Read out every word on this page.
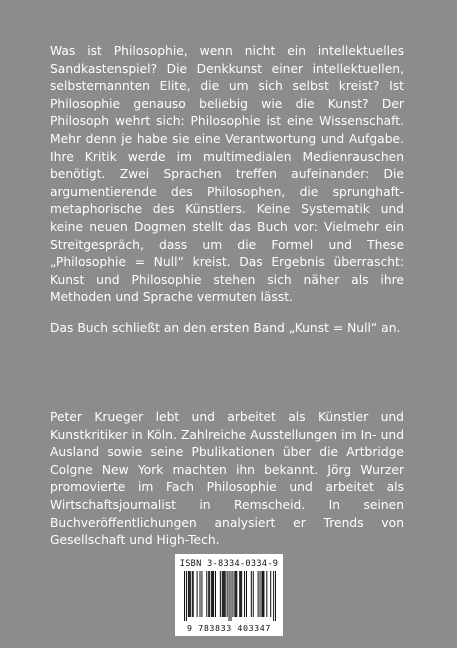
Was ist Philosophie, wenn nicht ein intellektuelles Sandkastenspiel? Die Denkkunst einer intellektuellen, selbsternannten Elite, die um sich selbst kreist? Ist Philosophie genauso beliebig wie die Kunst? Der Philosoph wehrt sich: Philosophie ist eine Wissenschaft. Mehr denn je habe sie eine Verantwortung und Aufgabe. Ihre Kritik werde im multimedialen Medienrauschen benötigt. Zwei Sprachen treffen aufeinander: Die argumentierende des Philosophen, die sprunghaft-metaphorische des Künstlers. Keine Systematik und keine neuen Dogmen stellt das Buch vor: Vielmehr ein Streitgespräch, dass um die Formel und These „Philosophie = Null“ kreist. Das Ergebnis überrascht: Kunst und Philosophie stehen sich näher als ihre Methoden und Sprache vermuten lässt.

Das Buch schließt an den ersten Band „Kunst = Null“ an.

Peter Krueger lebt und arbeitet als Künstler und Kunstkritiker in Köln. Zahlreiche Ausstellungen im In- und Ausland sowie seine Pbulikationen über die Artbridge Colgne New York machten ihn bekannt. Jörg Wurzer promovierte im Fach Philosophie und arbeitet als Wirtschaftsjournalist in Remscheid. In seinen Buchveröffentlichungen analysiert er Trends von Gesellschaft und High-Tech.

ISBN 3-8334-0334-9
9 783833 403347
